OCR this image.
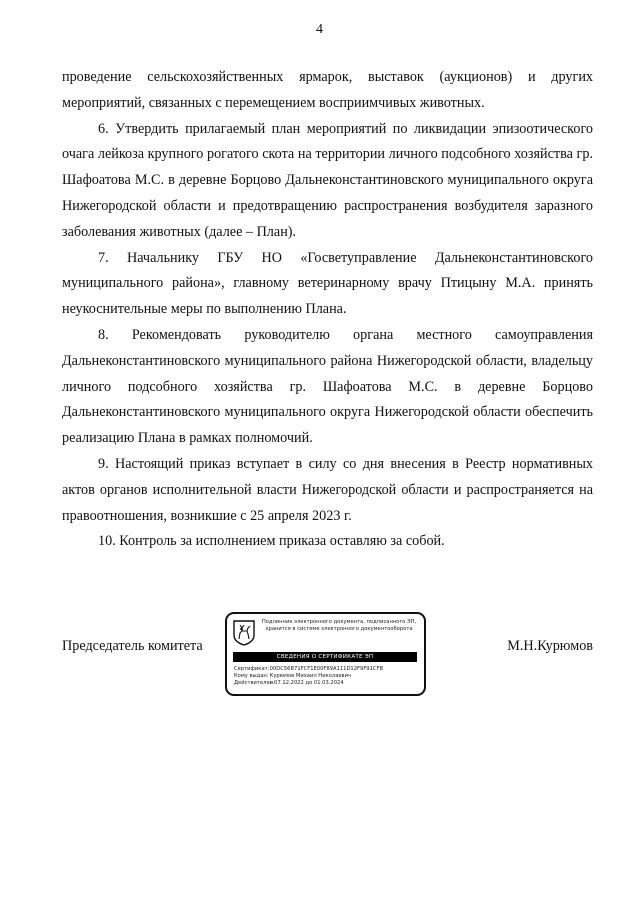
4

проведение сельскохозяйственных ярмарок, выставок (аукционов) и других мероприятий, связанных с перемещением восприимчивых животных.

6. Утвердить прилагаемый план мероприятий по ликвидации эпизоотического очага лейкоза крупного рогатого скота на территории личного подсобного хозяйства гр. Шафоатова М.С. в деревне Борцово Дальнеконстантиновского муниципального округа Нижегородской области и предотвращению распространения возбудителя заразного заболевания животных (далее – План).

7. Начальнику ГБУ НО «Госветуправление Дальнеконстантиновского муниципального района», главному ветеринарному врачу Птицыну М.А. принять неукоснительные меры по выполнению Плана.

8. Рекомендовать руководителю органа местного самоуправления Дальнеконстантиновского муниципального района Нижегородской области, владельцу личного подсобного хозяйства гр. Шафоатова М.С. в деревне Борцово Дальнеконстантиновского муниципального округа Нижегородской области обеспечить реализацию Плана в рамках полномочий.

9. Настоящий приказ вступает в силу со дня внесения в Реестр нормативных актов органов исполнительной власти Нижегородской области и распространяется на правоотношения, возникшие с 25 апреля 2023 г.

10. Контроль за исполнением приказа оставляю за собой.

Председатель комитета
Подлинник электронного документа, подписанного ЭП, хранится в системе электронного документооборота
СВЕДЕНИЯ О СЕРТИФИКАТЕ ЭП
Сертификат: 00DC56B71FCF1E00F89A111D12F9F91CFB
Кому выдан: Курюмов Михаил Николаевич
Действителен: с 07.12.2022 до 01.03.2024
М.Н.Курюмов
